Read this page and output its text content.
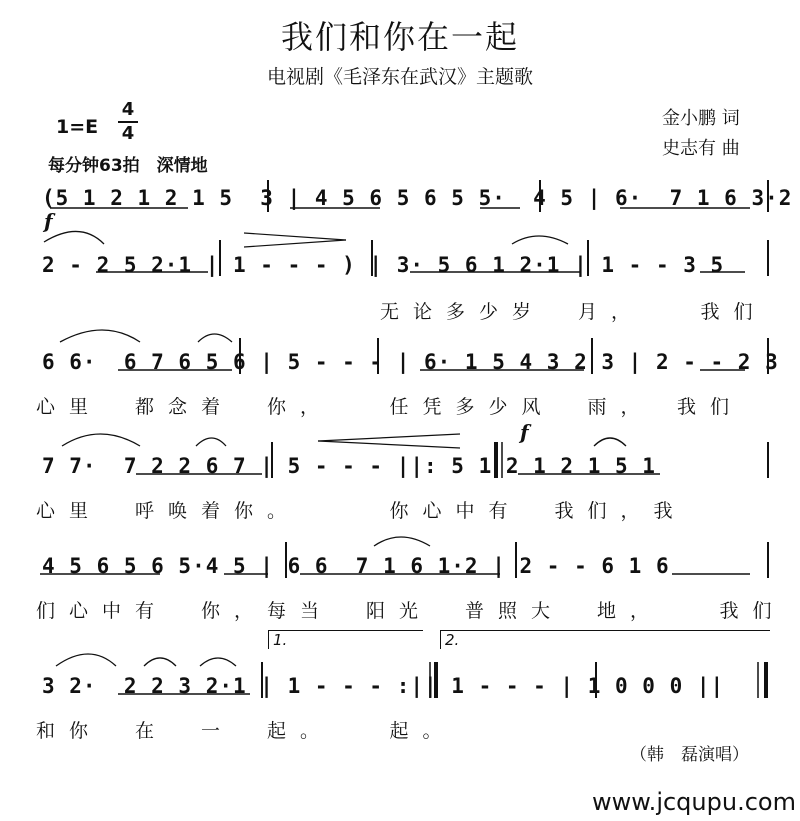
我们和你在一起
电视剧《毛泽东在武汉》主题歌
1=E
4
4
每分钟63拍　深情地
金小鹏 词
史志有 曲
(5 1 2 1 2 1 5  3 | 4 5 6 5 6 5 5·  4 5 | 6·  7 1 6 3·2
f
2 - 2 5 2·1 | 1 - - - ) | 3· 5 6 1 2·1 | 1 - - 3 5
无论多少岁　月，　　我们
6 6·  6 7 6 5 6 | 5 - - - | 6· 1 5 4 3 2 3 | 2 - - 2 3
心里　都念着　你，　　任凭多少风　雨，　我们
f
7 7·  7 2 2 6 7 | 5 - - - ||: 5 1 2 1 2 1 5 1
心里　呼唤着你。　　　你心中有　我们，我
4 5 6 5 6 5·4 5 | 6 6  7 1 6 1·2 | 2 - - 6 1 6
们心中有　你，每当　阳光　普照大　地，　　我们
1.	2.
3 2·  2 2 3 2·1 | 1 - - - :|| 1 - - - | 1 0 0 0 ||
和你　在　一　起。　　起。
（韩　磊演唱）
www.jcqupu.com
